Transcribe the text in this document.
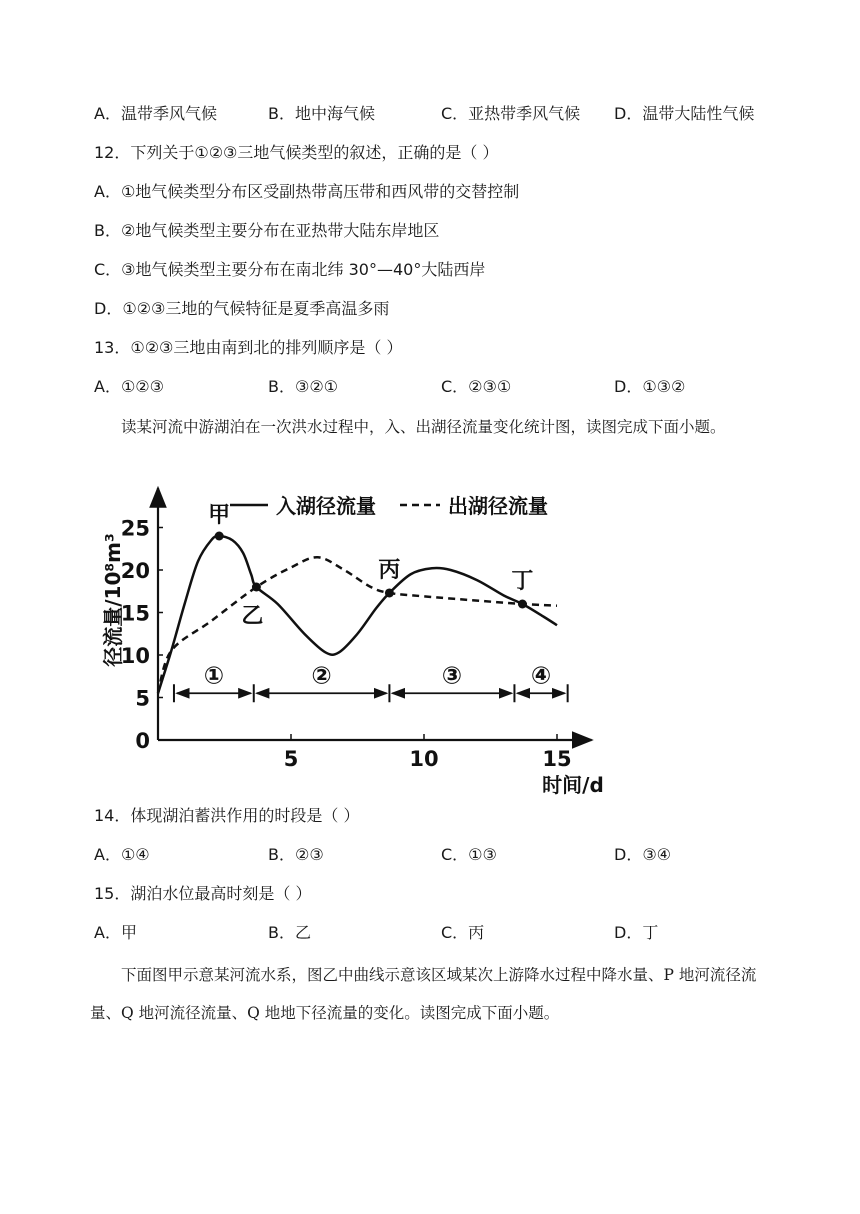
A．温带季风气候	B．地中海气候	C．亚热带季风气候 D．温带大陆性气候
12．下列关于①②③三地气候类型的叙述，正确的是（ ）
A．①地气候类型分布区受副热带高压带和西风带的交替控制
B．②地气候类型主要分布在亚热带大陆东岸地区
C．③地气候类型主要分布在南北纬 30°—40°大陆西岸
D．①②③三地的气候特征是夏季高温多雨
13．①②③三地由南到北的排列顺序是（ ）
A．①②③	B．③②①	C．②③①	D．①③②
读某河流中游湖泊在一次洪水过程中，入、出湖径流量变化统计图，读图完成下面小题。
0
5
10
15
20
25
5	10	15
时间/d
径流量/10⁸m³
入湖径流量	出湖径流量
甲
乙
丙	丁
①	②	③	④
14．体现湖泊蓄洪作用的时段是（ ）
A．①④	B．②③	C．①③	D．③④
15．湖泊水位最高时刻是（ ）
A．甲	B．乙	C．丙	D．丁
下面图甲示意某河流水系，图乙中曲线示意该区域某次上游降水过程中降水量、P 地河流径流量、Q 地河流径流量、Q 地地下径流量的变化。读图完成下面小题。
